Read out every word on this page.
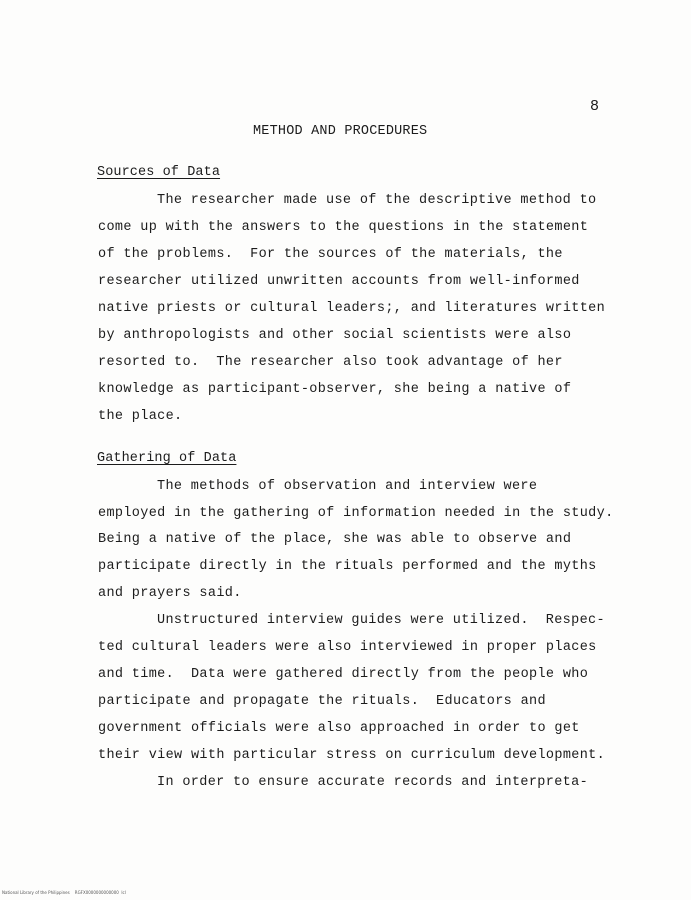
8
METHOD AND PROCEDURES
Sources of Data
The researcher made use of the descriptive method to
come up with the answers to the questions in the statement
of the problems.  For the sources of the materials, the
researcher utilized unwritten accounts from well-informed
native priests or cultural leaders;, and literatures written
by anthropologists and other social scientists were also
resorted to.  The researcher also took advantage of her
knowledge as participant-observer, she being a native of
the place.
Gathering of Data
The methods of observation and interview were
employed in the gathering of information needed in the study.
Being a native of the place, she was able to observe and
participate directly in the rituals performed and the myths
and prayers said.
Unstructured interview guides were utilized.  Respec-
ted cultural leaders were also interviewed in proper places
and time.  Data were gathered directly from the people who
participate and propagate the rituals.  Educators and
government officials were also approached in order to get
their view with particular stress on curriculum development.
In order to ensure accurate records and interpreta-
National Library of the Philippines    RGFX0000000000000  lcl
